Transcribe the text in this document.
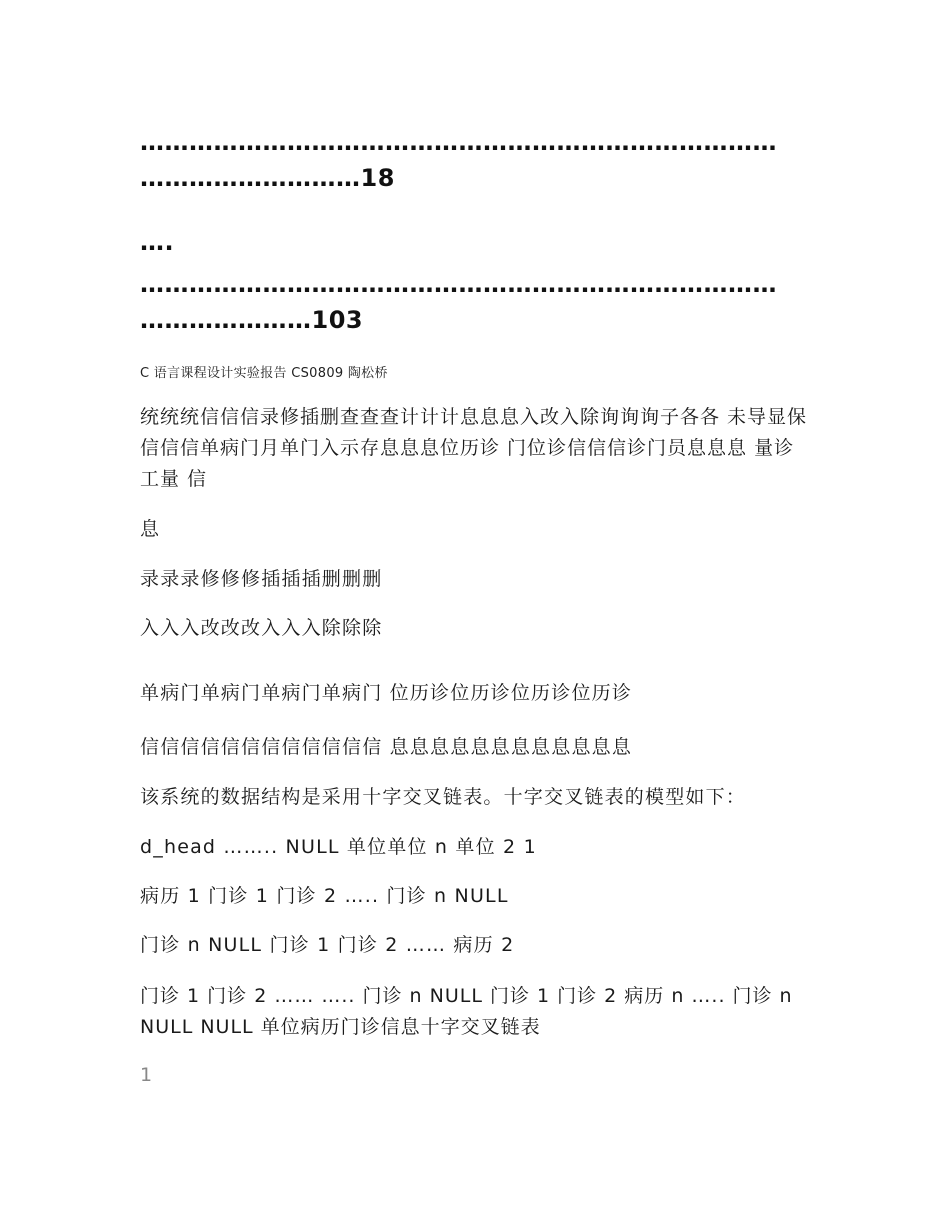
……………………………………………………………………
………………………18
….
……………………………………………………………………
…………………103
C 语言课程设计实验报告 CS0809 陶松桥
统统统信信信录修插删查查查计计计息息息入改入除询询询子各各 未导显保信信信单病门月单门入示存息息息位历诊 门位诊信信信诊门员息息息 量诊 工量 信
息
录录录修修修插插插删删删
入入入改改改入入入除除除
单病门单病门单病门单病门 位历诊位历诊位历诊位历诊
信信信信信信信信信信信信 息息息息息息息息息息息息
该系统的数据结构是采用十字交叉链表。十字交叉链表的模型如下：
d_head …….. NULL 单位单位 n 单位 2 1
病历 1 门诊 1 门诊 2 ….. 门诊 n NULL
门诊 n NULL 门诊 1 门诊 2 …… 病历 2
门诊 1 门诊 2 …… ….. 门诊 n NULL 门诊 1 门诊 2 病历 n ….. 门诊 n NULL NULL 单位病历门诊信息十字交叉链表
1
